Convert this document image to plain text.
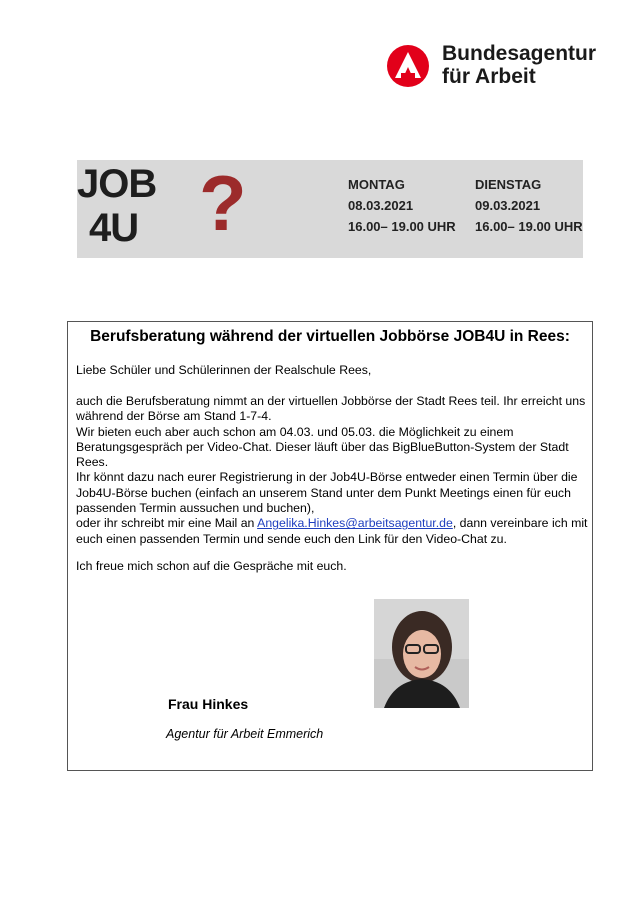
Bundesagentur
für Arbeit
JOB
4U ?	MONTAG
08.03.2021
16.00– 19.00 UHR
DIENSTAG
09.03.2021
16.00– 19.00 UHR
Berufsberatung während der virtuellen Jobbörse JOB4U in Rees:
Liebe Schüler und Schülerinnen der Realschule Rees,
auch die Berufsberatung nimmt an der virtuellen Jobbörse der Stadt Rees teil. Ihr erreicht uns während der Börse am Stand 1-7-4.
Wir bieten euch aber auch schon am 04.03. und 05.03. die Möglichkeit zu einem Beratungsgespräch per Video-Chat. Dieser läuft über das BigBlueButton-System der Stadt Rees.
Ihr könnt dazu nach eurer Registrierung in der Job4U-Börse entweder einen Termin über die Job4U-Börse buchen (einfach an unserem Stand unter dem Punkt Meetings einen für euch passenden Termin aussuchen und buchen),
oder ihr schreibt mir eine Mail an Angelika.Hinkes@arbeitsagentur.de, dann vereinbare ich mit euch einen passenden Termin und sende euch den Link für den Video-Chat zu.
Ich freue mich schon auf die Gespräche mit euch.
Frau Hinkes
Agentur für Arbeit Emmerich
